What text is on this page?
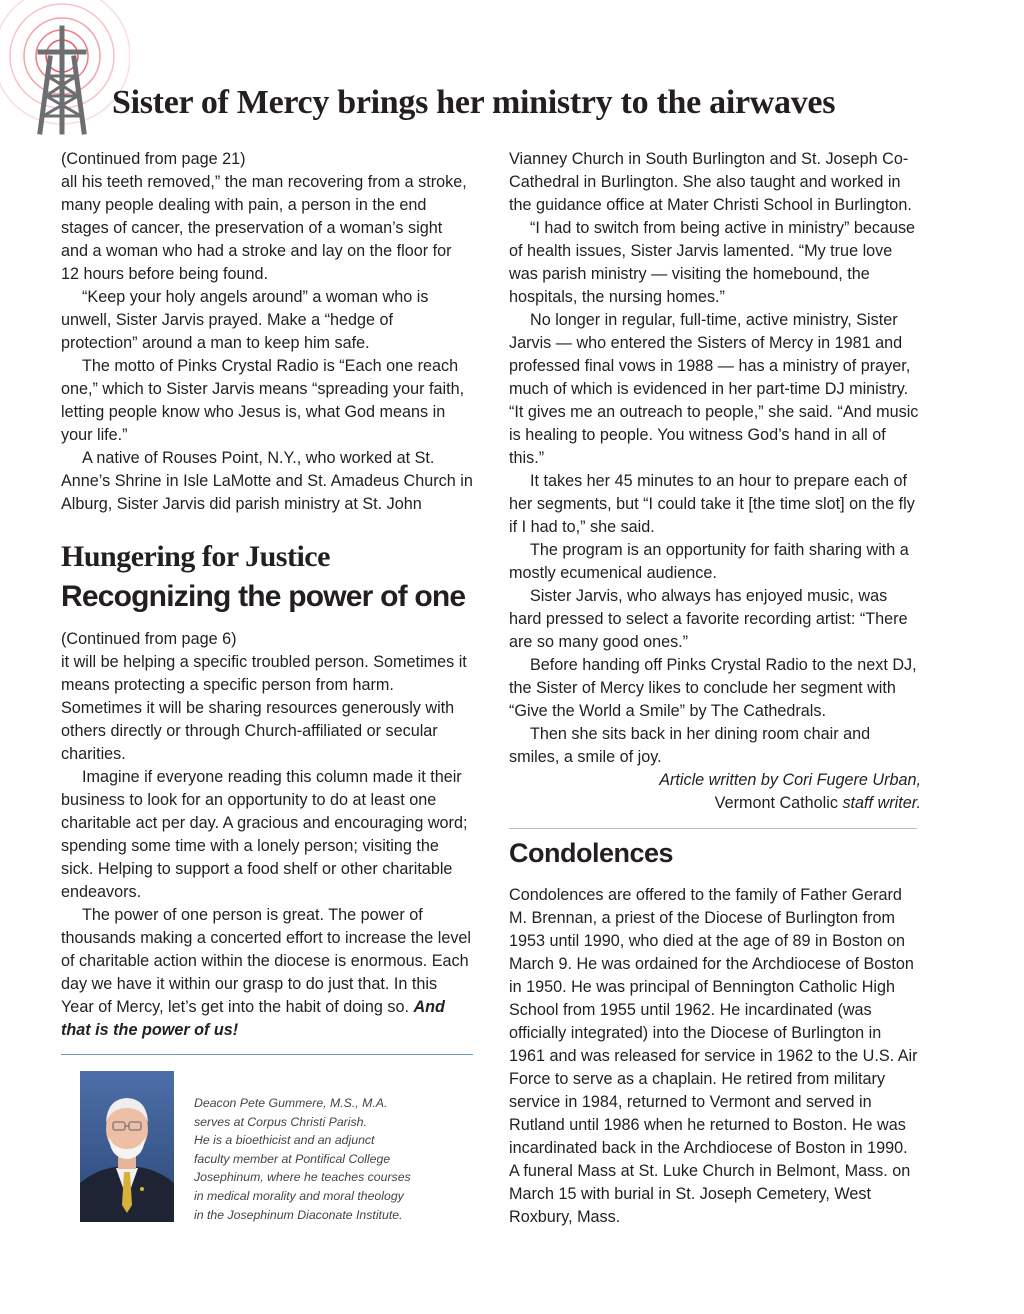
Sister of Mercy brings her ministry to the airwaves

(Continued from page 21)

all his teeth removed,” the man recovering from a stroke, many people dealing with pain, a person in the end stages of cancer, the preservation of a woman’s sight and a woman who had a stroke and lay on the floor for 12 hours before being found.

“Keep your holy angels around” a woman who is unwell, Sister Jarvis prayed. Make a “hedge of protection” around a man to keep him safe.

The motto of Pinks Crystal Radio is “Each one reach one,” which to Sister Jarvis means “spreading your faith, letting people know who Jesus is, what God means in your life.”

A native of Rouses Point, N.Y., who worked at St. Anne’s Shrine in Isle LaMotte and St. Amadeus Church in Alburg, Sister Jarvis did parish ministry at St. John

Vianney Church in South Burlington and St. Joseph Co-Cathedral in Burlington. She also taught and worked in the guidance office at Mater Christi School in Burlington.

“I had to switch from being active in ministry” because of health issues, Sister Jarvis lamented. “My true love was parish ministry — visiting the homebound, the hospitals, the nursing homes.”

No longer in regular, full-time, active ministry, Sister Jarvis — who entered the Sisters of Mercy in 1981 and professed final vows in 1988 — has a ministry of prayer, much of which is evidenced in her part-time DJ ministry. “It gives me an outreach to people,” she said. “And music is healing to people. You witness God’s hand in all of this.”

It takes her 45 minutes to an hour to prepare each of her segments, but “I could take it [the time slot] on the fly if I had to,” she said.

The program is an opportunity for faith sharing with a mostly ecumenical audience.

Sister Jarvis, who always has enjoyed music, was hard pressed to select a favorite recording artist: “There are so many good ones.”

Before handing off Pinks Crystal Radio to the next DJ, the Sister of Mercy likes to conclude her segment with “Give the World a Smile” by The Cathedrals.

Then she sits back in her dining room chair and smiles, a smile of joy.

Article written by Cori Fugere Urban,
Vermont Catholic staff writer.

Hungering for Justice
Recognizing the power of one

(Continued from page 6)

it will be helping a specific troubled person. Sometimes it means protecting a specific person from harm. Sometimes it will be sharing resources generously with others directly or through Church-affiliated or secular charities.

Imagine if everyone reading this column made it their business to look for an opportunity to do at least one charitable act per day. A gracious and encouraging word; spending some time with a lonely person; visiting the sick. Helping to support a food shelf or other charitable endeavors.

The power of one person is great. The power of thousands making a concerted effort to increase the level of charitable action within the diocese is enormous. Each day we have it within our grasp to do just that. In this Year of Mercy, let’s get into the habit of doing so. And that is the power of us!

Deacon Pete Gummere, M.S., M.A.

serves at Corpus Christi Parish.

He is a bioethicist and an adjunct

faculty member at Pontifical College

Josephinum, where he teaches courses

in medical morality and moral theology

in the Josephinum Diaconate Institute.

Condolences

Condolences are offered to the family of Father Gerard M. Brennan, a priest of the Diocese of Burlington from 1953 until 1990, who died at the age of 89 in Boston on March 9. He was ordained for the Archdiocese of Boston in 1950. He was principal of Bennington Catholic High School from 1955 until 1962. He incardinated (was officially integrated) into the Diocese of Burlington in 1961 and was released for service in 1962 to the U.S. Air Force to serve as a chaplain. He retired from military service in 1984, returned to Vermont and served in Rutland until 1986 when he returned to Boston. He was incardinated back in the Archdiocese of Boston in 1990. A funeral Mass at St. Luke Church in Belmont, Mass. on March 15 with burial in St. Joseph Cemetery, West Roxbury, Mass.
